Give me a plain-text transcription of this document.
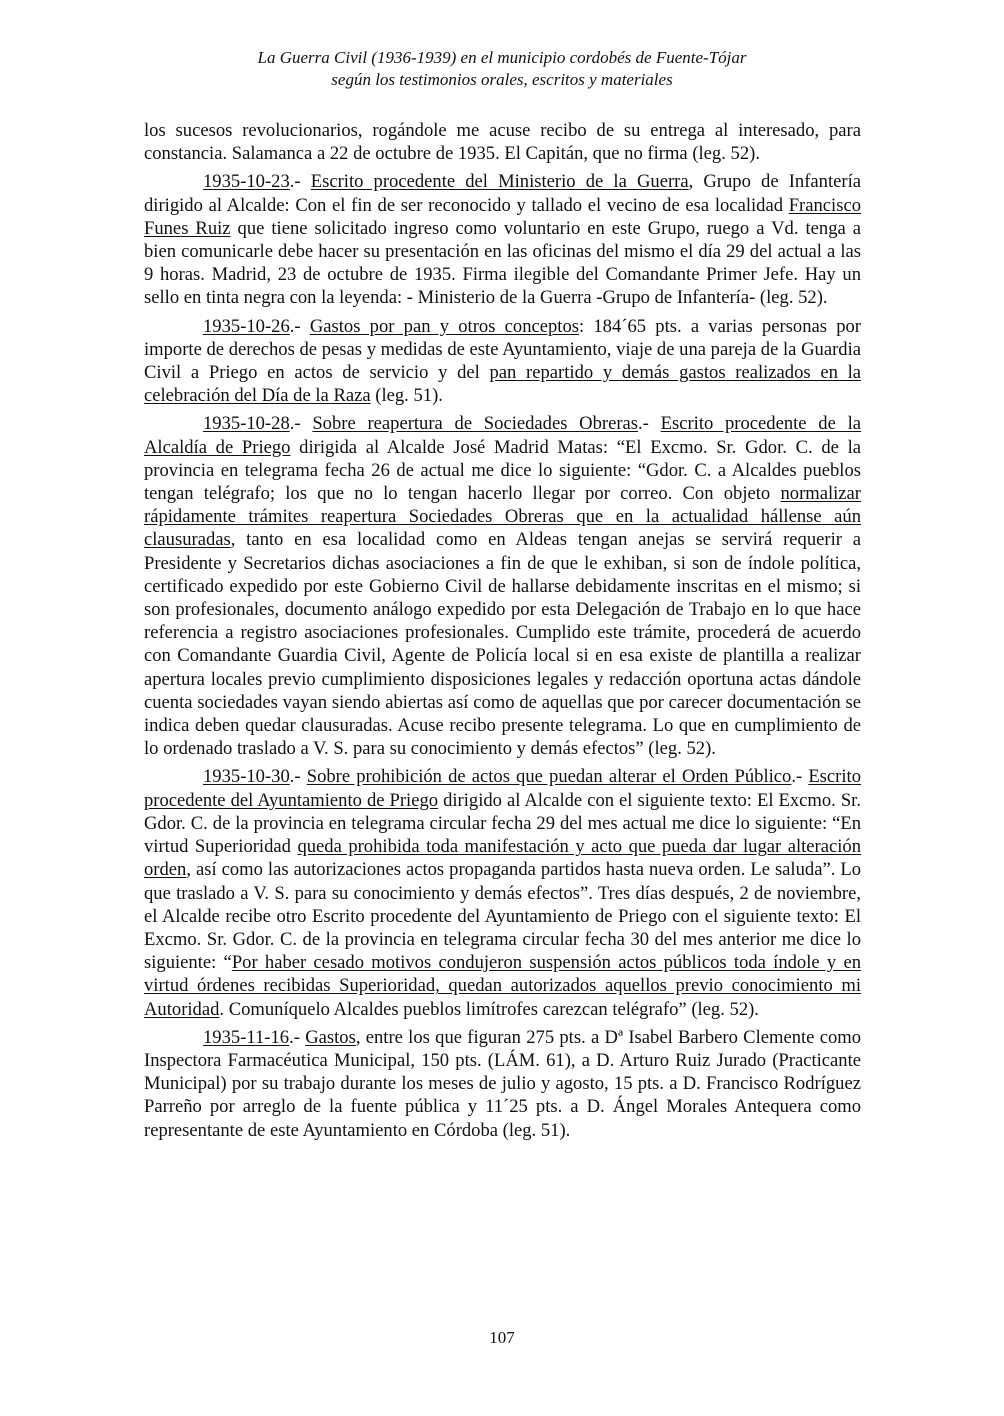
La Guerra Civil (1936-1939) en el municipio cordobés de Fuente-Tójar
según los testimonios orales, escritos y materiales

los sucesos revolucionarios, rogándole me acuse recibo de su entrega al interesado, para constancia. Salamanca a 22 de octubre de 1935. El Capitán, que no firma (leg. 52).

1935-10-23.- Escrito procedente del Ministerio de la Guerra, Grupo de Infantería dirigido al Alcalde: Con el fin de ser reconocido y tallado el vecino de esa localidad Francisco Funes Ruiz que tiene solicitado ingreso como voluntario en este Grupo, ruego a Vd. tenga a bien comunicarle debe hacer su presentación en las oficinas del mismo el día 29 del actual a las 9 horas. Madrid, 23 de octubre de 1935. Firma ilegible del Comandante Primer Jefe. Hay un sello en tinta negra con la leyenda: - Ministerio de la Guerra -Grupo de Infantería- (leg. 52).

1935-10-26.- Gastos por pan y otros conceptos: 184´65 pts. a varias personas por importe de derechos de pesas y medidas de este Ayuntamiento, viaje de una pareja de la Guardia Civil a Priego en actos de servicio y del pan repartido y demás gastos realizados en la celebración del Día de la Raza (leg. 51).

1935-10-28.- Sobre reapertura de Sociedades Obreras.- Escrito procedente de la Alcaldía de Priego dirigida al Alcalde José Madrid Matas: “El Excmo. Sr. Gdor. C. de la provincia en telegrama fecha 26 de actual me dice lo siguiente: “Gdor. C. a Alcaldes pueblos tengan telégrafo; los que no lo tengan hacerlo llegar por correo. Con objeto normalizar rápidamente trámites reapertura Sociedades Obreras que en la actualidad hállense aún clausuradas, tanto en esa localidad como en Aldeas tengan anejas se servirá requerir a Presidente y Secretarios dichas asociaciones a fin de que le exhiban, si son de índole política, certificado expedido por este Gobierno Civil de hallarse debidamente inscritas en el mismo; si son profesionales, documento análogo expedido por esta Delegación de Trabajo en lo que hace referencia a registro asociaciones profesionales. Cumplido este trámite, procederá de acuerdo con Comandante Guardia Civil, Agente de Policía local si en esa existe de plantilla a realizar apertura locales previo cumplimiento disposiciones legales y redacción oportuna actas dándole cuenta sociedades vayan siendo abiertas así como de aquellas que por carecer documentación se indica deben quedar clausuradas. Acuse recibo presente telegrama. Lo que en cumplimiento de lo ordenado traslado a V. S. para su conocimiento y demás efectos” (leg. 52).

1935-10-30.- Sobre prohibición de actos que puedan alterar el Orden Público.- Escrito procedente del Ayuntamiento de Priego dirigido al Alcalde con el siguiente texto: El Excmo. Sr. Gdor. C. de la provincia en telegrama circular fecha 29 del mes actual me dice lo siguiente: “En virtud Superioridad queda prohibida toda manifestación y acto que pueda dar lugar alteración orden, así como las autorizaciones actos propaganda partidos hasta nueva orden. Le saluda”. Lo que traslado a V. S. para su conocimiento y demás efectos”. Tres días después, 2 de noviembre, el Alcalde recibe otro Escrito procedente del Ayuntamiento de Priego con el siguiente texto: El Excmo. Sr. Gdor. C. de la provincia en telegrama circular fecha 30 del mes anterior me dice lo siguiente: “Por haber cesado motivos condujeron suspensión actos públicos toda índole y en virtud órdenes recibidas Superioridad, quedan autorizados aquellos previo conocimiento mi Autoridad. Comuníquelo Alcaldes pueblos limítrofes carezcan telégrafo” (leg. 52).

1935-11-16.- Gastos, entre los que figuran 275 pts. a Dª Isabel Barbero Clemente como Inspectora Farmacéutica Municipal, 150 pts. (LÁM. 61), a D. Arturo Ruiz Jurado (Practicante Municipal) por su trabajo durante los meses de julio y agosto, 15 pts. a D. Francisco Rodríguez Parreño por arreglo de la fuente pública y 11´25 pts. a D. Ángel Morales Antequera como representante de este Ayuntamiento en Córdoba (leg. 51).

107
